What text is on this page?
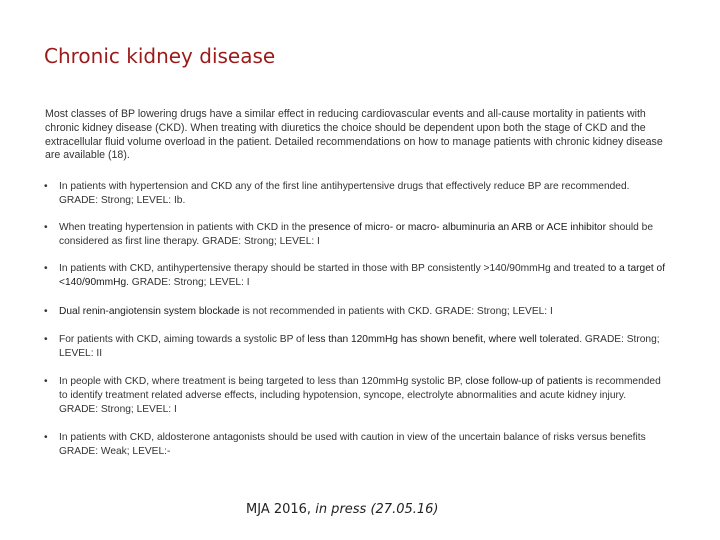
Chronic kidney disease
Most classes of BP lowering drugs have a similar effect in reducing cardiovascular events and all-cause mortality in patients with chronic kidney disease (CKD). When treating with diuretics the choice should be dependent upon both the stage of CKD and the extracellular fluid volume overload in the patient. Detailed recommendations on how to manage patients with chronic kidney disease are available (18).
• In patients with hypertension and CKD any of the first line antihypertensive drugs that effectively reduce BP are recommended. GRADE: Strong; LEVEL: Ib.
• When treating hypertension in patients with CKD in the presence of micro- or macro- albuminuria an ARB or ACE inhibitor should be considered as first line therapy. GRADE: Strong; LEVEL: I
• In patients with CKD, antihypertensive therapy should be started in those with BP consistently >140/90mmHg and treated to a target of <140/90mmHg. GRADE: Strong; LEVEL: I
• Dual renin-angiotensin system blockade is not recommended in patients with CKD. GRADE: Strong; LEVEL: I
• For patients with CKD, aiming towards a systolic BP of less than 120mmHg has shown benefit, where well tolerated. GRADE: Strong; LEVEL: II
• In people with CKD, where treatment is being targeted to less than 120mmHg systolic BP, close follow-up of patients is recommended to identify treatment related adverse effects, including hypotension, syncope, electrolyte abnormalities and acute kidney injury. GRADE: Strong; LEVEL: I
• In patients with CKD, aldosterone antagonists should be used with caution in view of the uncertain balance of risks versus benefits GRADE: Weak; LEVEL:-
MJA 2016, in press (27.05.16)
